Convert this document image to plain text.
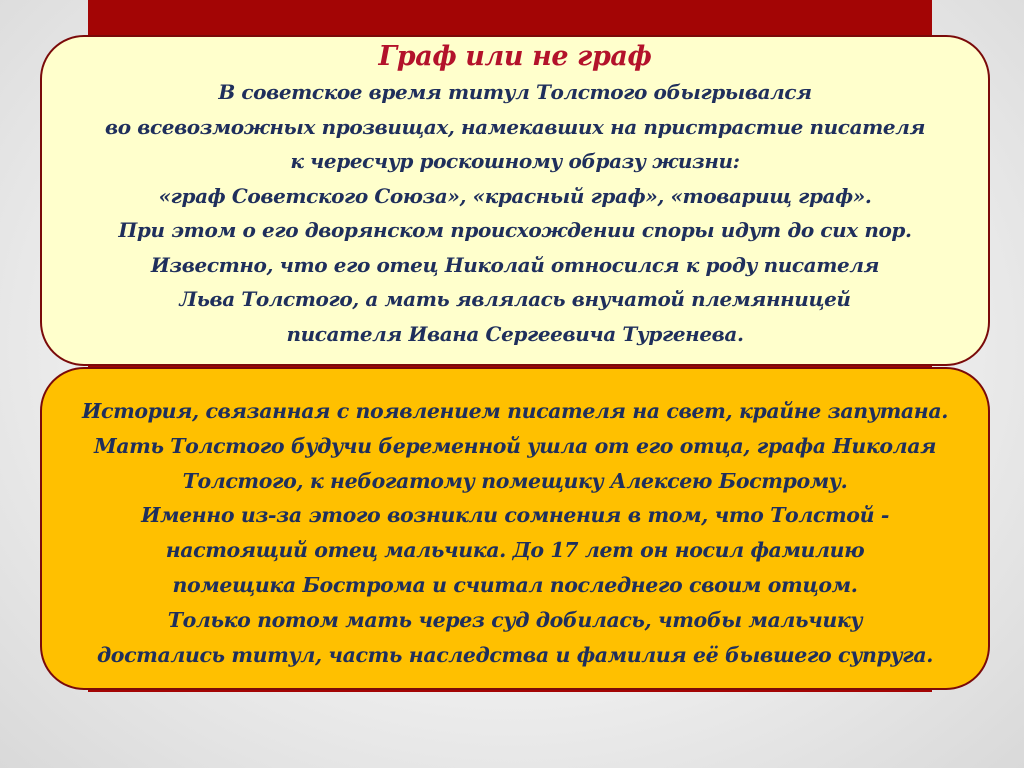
Граф или не граф
В советское время титул Толстого обыгрывался
во всевозможных прозвищах, намекавших на пристрастие писателя
к чересчур роскошному образу жизни:
«граф Советского Союза», «красный граф», «товарищ граф».
При этом о его дворянском происхождении споры идут до сих пор.
Известно, что его отец Николай относился к роду писателя
Льва Толстого, а мать являлась внучатой племянницей
писателя Ивана Сергеевича Тургенева.
История, связанная с появлением писателя на свет, крайне запутана.
Мать Толстого будучи беременной ушла от его отца, графа Николая
Толстого, к небогатому помещику Алексею Бострому.
Именно из-за этого возникли сомнения в том, что Толстой -
настоящий отец мальчика. До 17 лет он носил фамилию
помещика Бострома и считал последнего своим отцом.
Только потом мать через суд добилась, чтобы мальчику
достались титул, часть наследства и фамилия её бывшего супруга.
